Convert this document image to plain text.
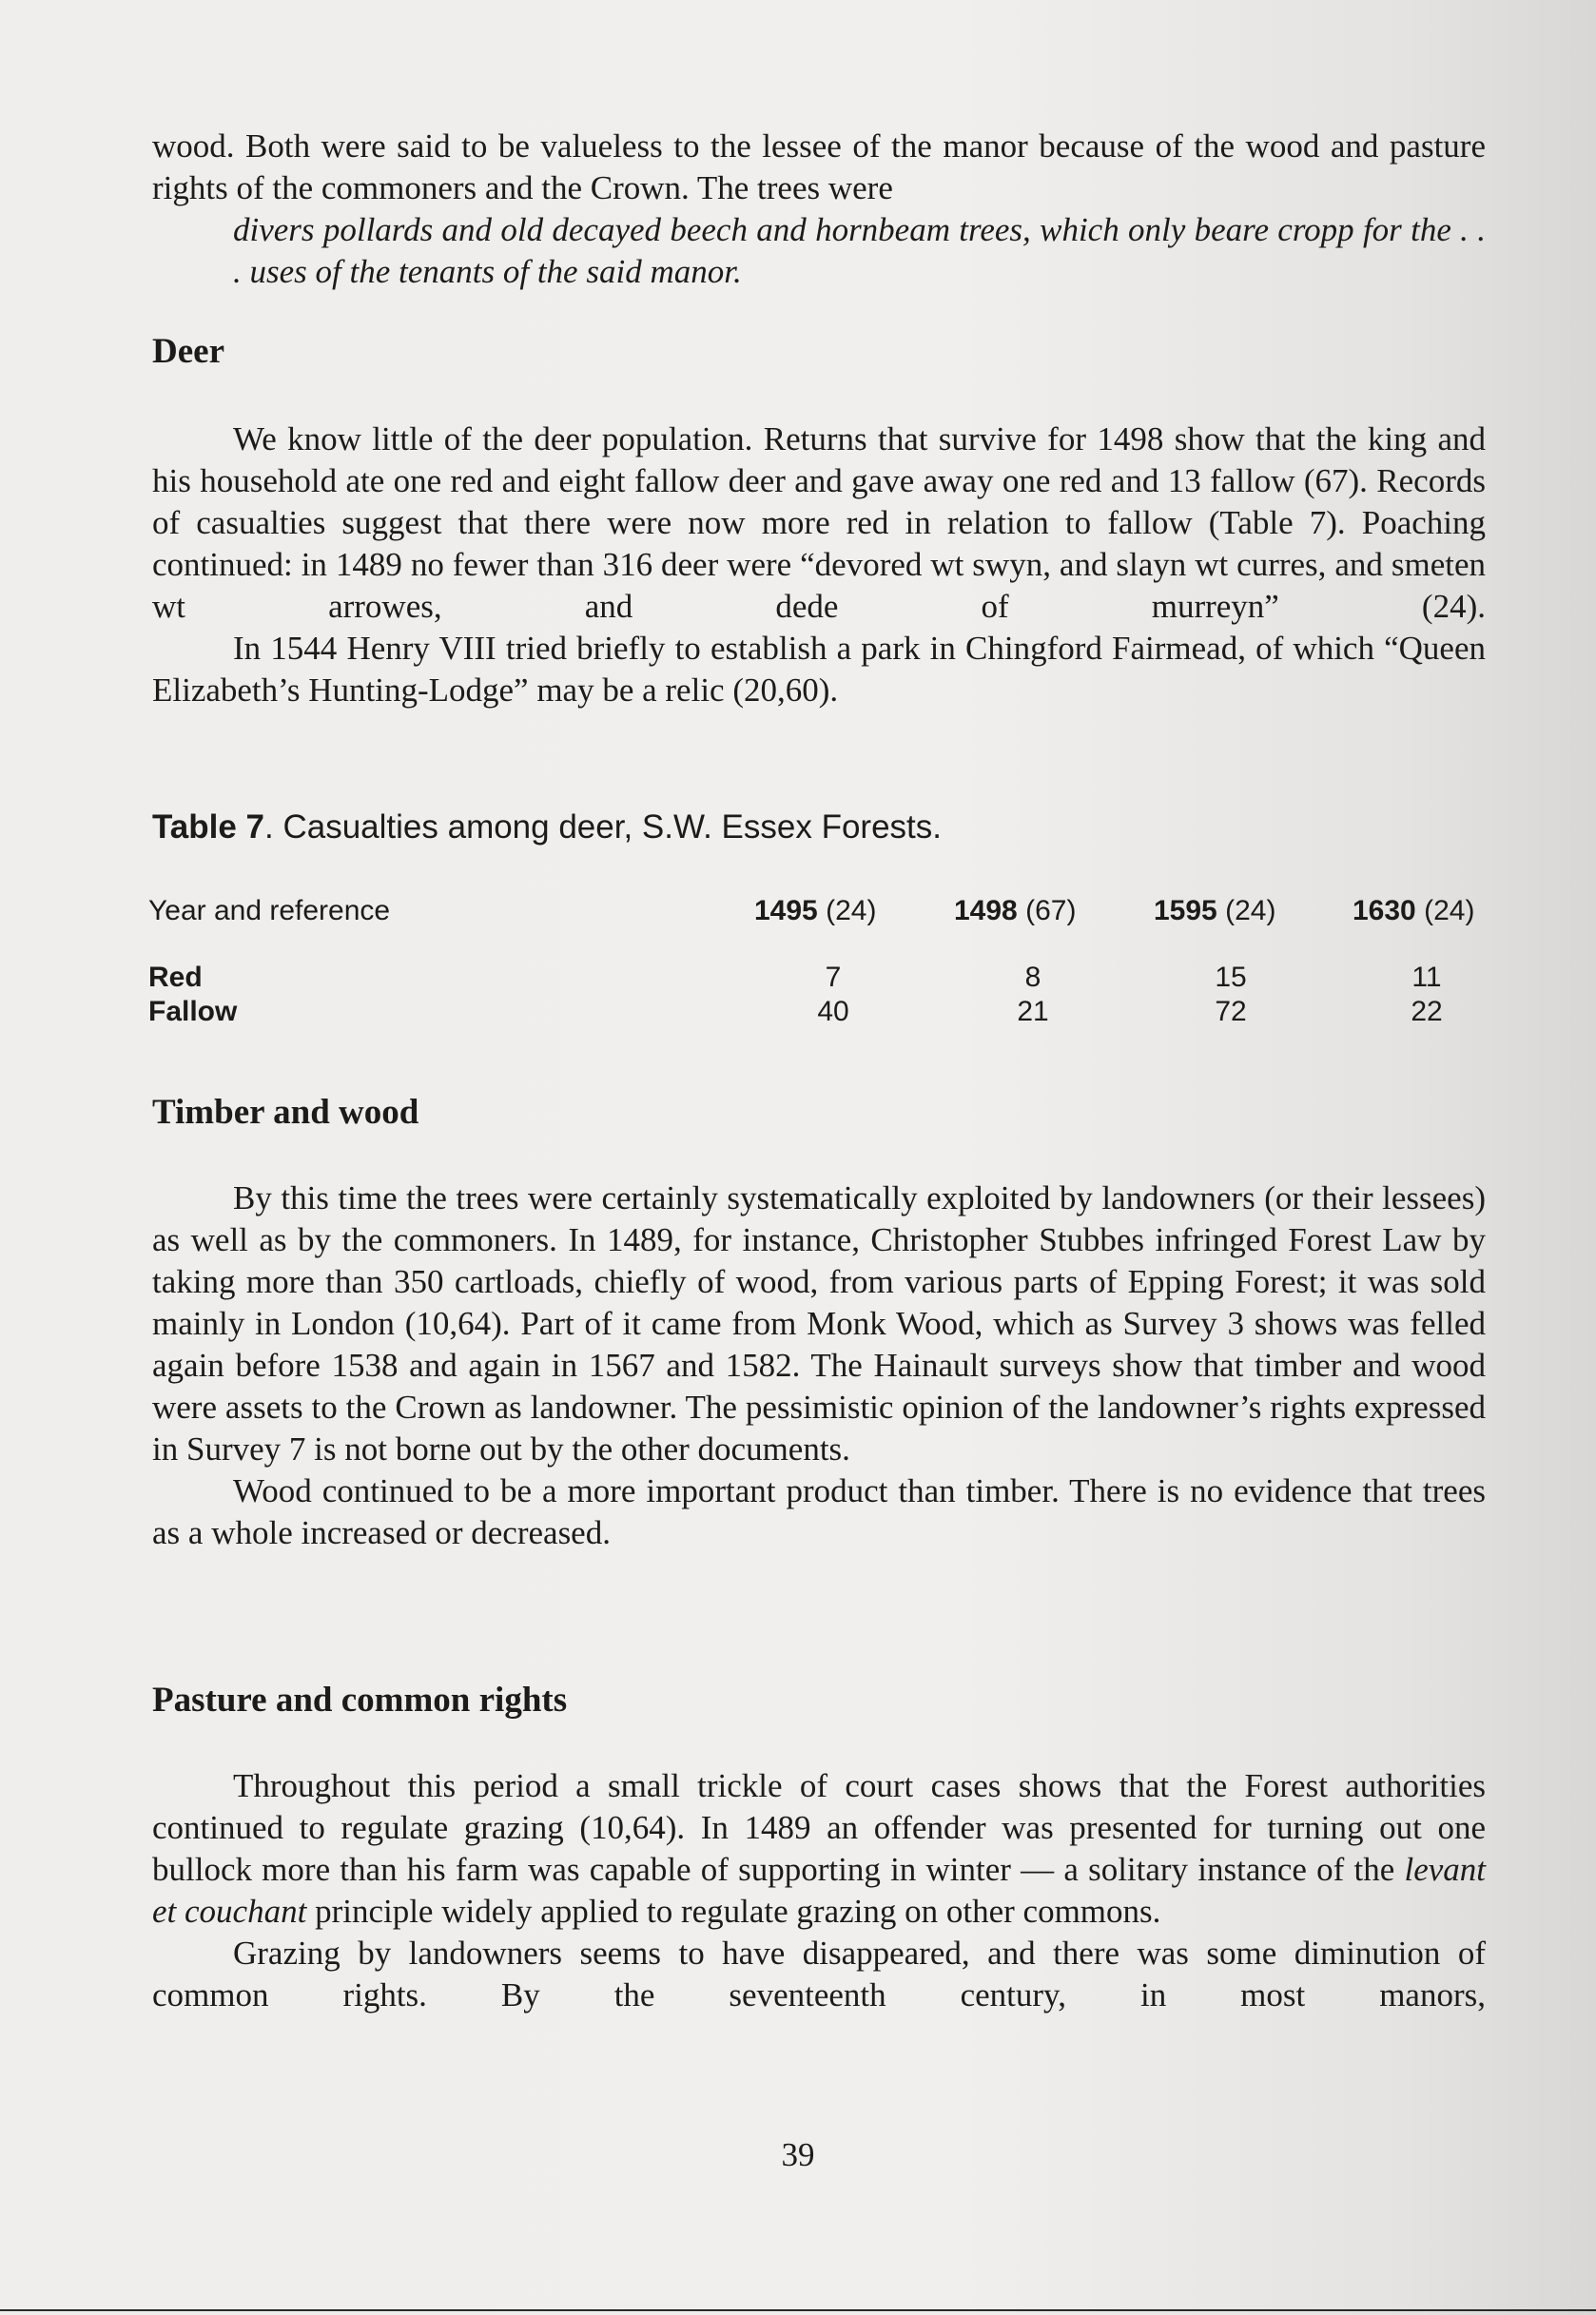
wood. Both were said to be valueless to the lessee of the manor because of the wood and pasture rights of the commoners and the Crown. The trees were

divers pollards and old decayed beech and hornbeam trees, which only beare cropp for the . . . uses of the tenants of the said manor.

Deer

We know little of the deer population. Returns that survive for 1498 show that the king and his household ate one red and eight fallow deer and gave away one red and 13 fallow (67). Records of casualties suggest that there were now more red in relation to fallow (Table 7). Poaching continued: in 1489 no fewer than 316 deer were “devored wt swyn, and slayn wt curres, and smeten wt arrowes, and dede of murreyn” (24).

In 1544 Henry VIII tried briefly to establish a park in Chingford Fairmead, of which “Queen Elizabeth’s Hunting-Lodge” may be a relic (20,60).

Table 7. Casualties among deer, S.W. Essex Forests.

Year and reference	1495 (24)	1498 (67)	1595 (24)	1630 (24)
Red	7	8	15	11
Fallow	40	21	72	22
Timber and wood

By this time the trees were certainly systematically exploited by landowners (or their lessees) as well as by the commoners. In 1489, for instance, Christopher Stubbes infringed Forest Law by taking more than 350 cartloads, chiefly of wood, from various parts of Epping Forest; it was sold mainly in London (10,64). Part of it came from Monk Wood, which as Survey 3 shows was felled again before 1538 and again in 1567 and 1582. The Hainault surveys show that timber and wood were assets to the Crown as landowner. The pessimistic opinion of the landowner’s rights expressed in Survey 7 is not borne out by the other documents.

Wood continued to be a more important product than timber. There is no evidence that trees as a whole increased or decreased.

Pasture and common rights

Throughout this period a small trickle of court cases shows that the Forest authorities continued to regulate grazing (10,64). In 1489 an offender was presented for turning out one bullock more than his farm was capable of supporting in winter — a solitary instance of the levant et couchant principle widely applied to regulate grazing on other commons.

Grazing by landowners seems to have disappeared, and there was some diminution of common rights. By the seventeenth century, in most manors,

39
